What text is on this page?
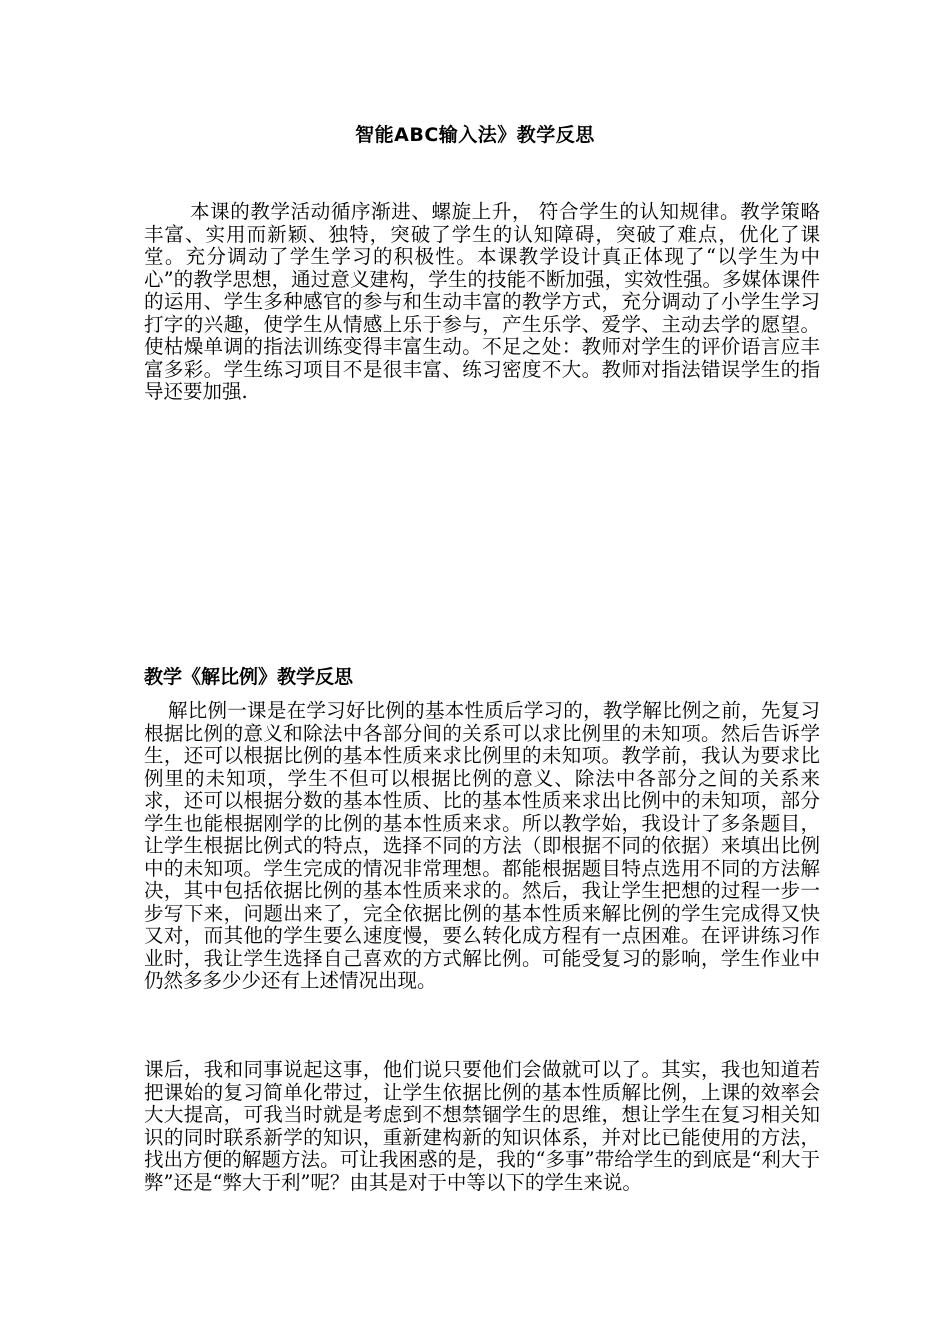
智能ABC输入法》教学反思

本课的教学活动循序渐进、螺旋上升， 符合学生的认知规律。教学策略丰富、实用而新颖、独特，突破了学生的认知障碍，突破了难点，优化了课堂。充分调动了学生学习的积极性。本课教学设计真正体现了“以学生为中心”的教学思想，通过意义建构，学生的技能不断加强，实效性强。多媒体课件的运用、学生多种感官的参与和生动丰富的教学方式，充分调动了小学生学习打字的兴趣，使学生从情感上乐于参与，产生乐学、爱学、主动去学的愿望。使枯燥单调的指法训练变得丰富生动。不足之处：教师对学生的评价语言应丰富多彩。学生练习项目不是很丰富、练习密度不大。教师对指法错误学生的指导还要加强.

教学《解比例》教学反思

解比例一课是在学习好比例的基本性质后学习的，教学解比例之前，先复习根据比例的意义和除法中各部分间的关系可以求比例里的未知项。然后告诉学生，还可以根据比例的基本性质来求比例里的未知项。教学前，我认为要求比例里的未知项，学生不但可以根据比例的意义、除法中各部分之间的关系来求，还可以根据分数的基本性质、比的基本性质来求出比例中的未知项，部分学生也能根据刚学的比例的基本性质来求。所以教学始，我设计了多条题目，让学生根据比例式的特点，选择不同的方法（即根据不同的依据）来填出比例中的未知项。学生完成的情况非常理想。都能根据题目特点选用不同的方法解决，其中包括依据比例的基本性质来求的。然后，我让学生把想的过程一步一步写下来，问题出来了，完全依据比例的基本性质来解比例的学生完成得又快又对，而其他的学生要么速度慢，要么转化成方程有一点困难。在评讲练习作业时，我让学生选择自己喜欢的方式解比例。可能受复习的影响，学生作业中仍然多多少少还有上述情况出现。

课后，我和同事说起这事，他们说只要他们会做就可以了。其实，我也知道若把课始的复习简单化带过，让学生依据比例的基本性质解比例，上课的效率会大大提高，可我当时就是考虑到不想禁锢学生的思维，想让学生在复习相关知识的同时联系新学的知识，重新建构新的知识体系，并对比已能使用的方法，找出方便的解题方法。可让我困惑的是，我的“多事”带给学生的到底是“利大于弊”还是“弊大于利”呢？由其是对于中等以下的学生来说。
